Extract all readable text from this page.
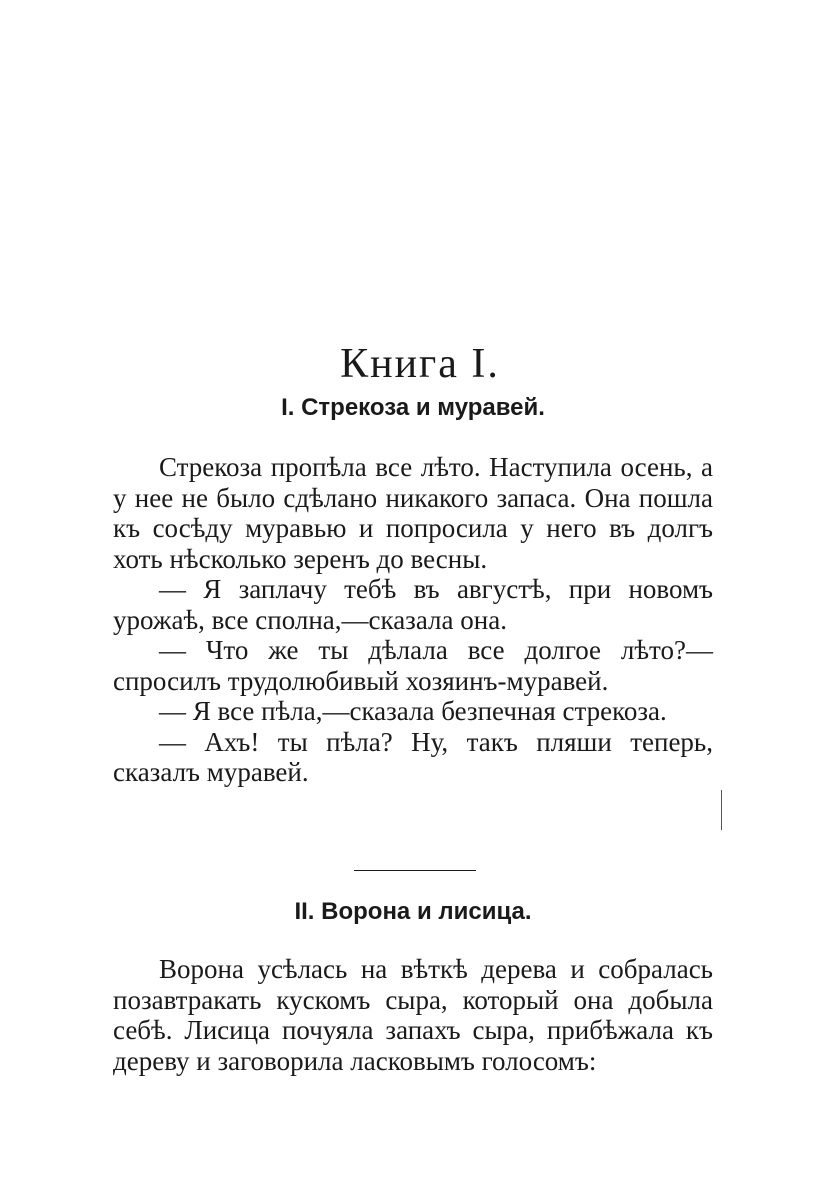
Книга I.
I. Стрекоза и муравей.

Стрекоза пропѣла все лѣто. Наступила осень, а у нее не было сдѣлано никакого запаса. Она пошла къ сосѣду муравью и попросила у него въ долгъ хоть нѣсколько зеренъ до весны.

— Я заплачу тебѣ въ августѣ, при новомъ урожаѣ, все сполна,—сказала она.

— Что же ты дѣлала все долгое лѣто?— спросилъ трудолюбивый хозяинъ-муравей.

— Я все пѣла,—сказала безпечная стрекоза.

— Ахъ! ты пѣла? Ну, такъ пляши теперь, сказалъ муравей.

II. Ворона и лисица.

Ворона усѣлась на вѣткѣ дерева и собралась позавтракать кускомъ сыра, который она добыла себѣ. Лисица почуяла запахъ сыра, прибѣжала къ дереву и заговорила ласковымъ голосомъ:
